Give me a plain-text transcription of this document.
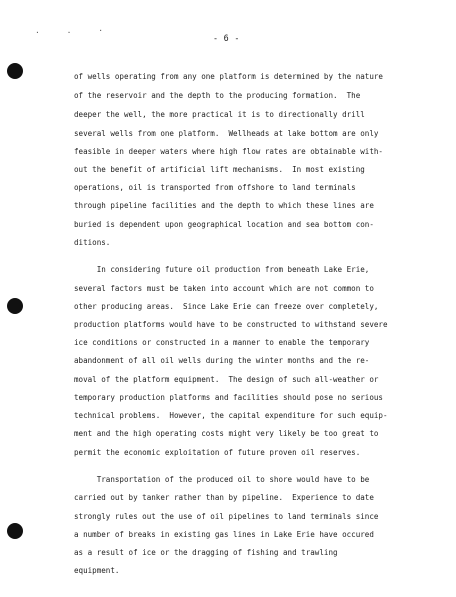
. . ·
- 6 -
of wells operating from any one platform is determined by the nature
of the reservoir and the depth to the producing formation.  The
deeper the well, the more practical it is to directionally drill
several wells from one platform.  Wellheads at lake bottom are only
feasible in deeper waters where high flow rates are obtainable with-
out the benefit of artificial lift mechanisms.  In most existing
operations, oil is transported from offshore to land terminals
through pipeline facilities and the depth to which these lines are
buried is dependent upon geographical location and sea bottom con-
ditions.
In considering future oil production from beneath Lake Erie,
several factors must be taken into account which are not common to
other producing areas.  Since Lake Erie can freeze over completely,
production platforms would have to be constructed to withstand severe
ice conditions or constructed in a manner to enable the temporary
abandonment of all oil wells during the winter months and the re-
moval of the platform equipment.  The design of such all-weather or
temporary production platforms and facilities should pose no serious
technical problems.  However, the capital expenditure for such equip-
ment and the high operating costs might very likely be too great to
permit the economic exploitation of future proven oil reserves.
Transportation of the produced oil to shore would have to be
carried out by tanker rather than by pipeline.  Experience to date
strongly rules out the use of oil pipelines to land terminals since
a number of breaks in existing gas lines in Lake Erie have occured
as a result of ice or the dragging of fishing and trawling
equipment.
